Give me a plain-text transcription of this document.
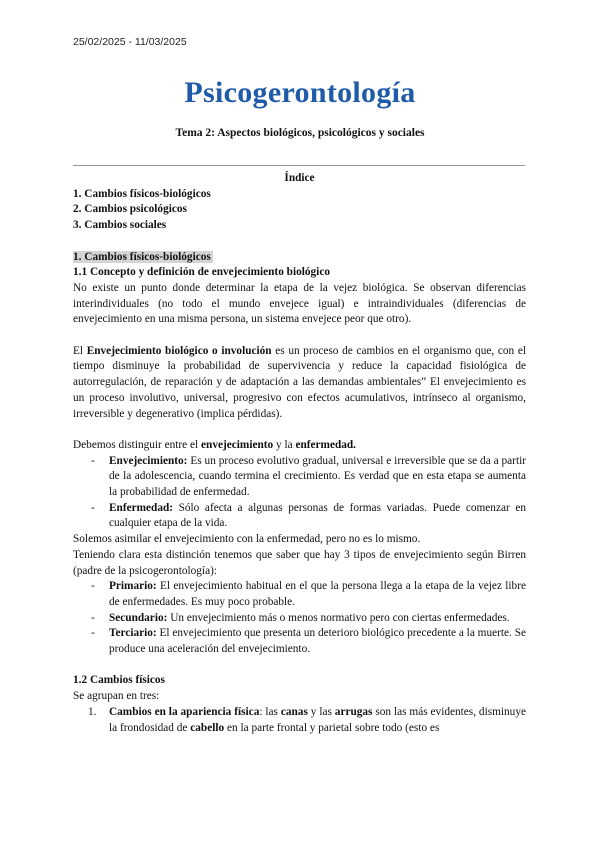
25/02/2025 - 11/03/2025
Psicogerontología
Tema 2: Aspectos biológicos, psicológicos y sociales

Índice

1. Cambios físicos-biológicos

2. Cambios psicológicos

3. Cambios sociales

1. Cambios físicos-biológicos

1.1 Concepto y definición de envejecimiento biológico

No existe un punto donde determinar la etapa de la vejez biológica. Se observan diferencias interindividuales (no todo el mundo envejece igual) e intraindividuales (diferencias de envejecimiento en una misma persona, un sistema envejece peor que otro).

El Envejecimiento biológico o involución es un proceso de cambios en el organismo que, con el tiempo disminuye la probabilidad de supervivencia y reduce la capacidad fisiológica de autorregulación, de reparación y de adaptación a las demandas ambientales” El envejecimiento es un proceso involutivo, universal, progresivo con efectos acumulativos, intrínseco al organismo, irreversible y degenerativo (implica pérdidas).

Debemos distinguir entre el envejecimiento y la enfermedad.

- Envejecimiento: Es un proceso evolutivo gradual, universal e irreversible que se da a partir de la adolescencia, cuando termina el crecimiento. Es verdad que en esta etapa se aumenta la probabilidad de enfermedad.
- Enfermedad: Sólo afecta a algunas personas de formas variadas. Puede comenzar en cualquier etapa de la vida.

Solemos asimilar el envejecimiento con la enfermedad, pero no es lo mismo.

Teniendo clara esta distinción tenemos que saber que hay 3 tipos de envejecimiento según Birren (padre de la psicogerontología):

- Primario: El envejecimiento habitual en el que la persona llega a la etapa de la vejez libre de enfermedades. Es muy poco probable.
- Secundario: Un envejecimiento más o menos normativo pero con ciertas enfermedades.
- Terciario: El envejecimiento que presenta un deterioro biológico precedente a la muerte. Se produce una aceleración del envejecimiento.

1.2 Cambios físicos

Se agrupan en tres:

1. Cambios en la apariencia física: las canas y las arrugas son las más evidentes, disminuye la frondosidad de cabello en la parte frontal y parietal sobre todo (esto es
